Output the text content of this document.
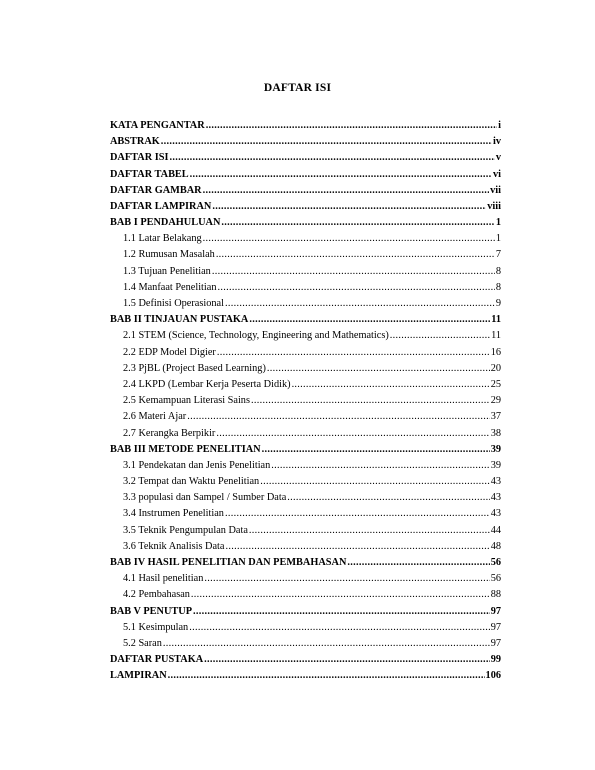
DAFTAR ISI
KATA PENGANTAR .....	i
ABSTRAK .....	iv
DAFTAR ISI .....	v
DAFTAR TABEL .....	vi
DAFTAR GAMBAR .....	vii
DAFTAR LAMPIRAN .....	viii
BAB I PENDAHULUAN .....	1
1.1 Latar Belakang .....	1
1.2 Rumusan Masalah .....	7
1.3 Tujuan Penelitian .....	8
1.4 Manfaat Penelitian .....	8
1.5 Definisi Operasional .....	9
BAB II TINJAUAN PUSTAKA .....	11
2.1 STEM (Science, Technology, Engineering and Mathematics) .....	11
2.2 EDP Model Digier .....	16
2.3 PjBL (Project Based Learning) .....	20
2.4 LKPD (Lembar Kerja Peserta Didik) .....	25
2.5 Kemampuan Literasi Sains .....	29
2.6 Materi Ajar .....	37
2.7 Kerangka Berpikir .....	38
BAB III METODE PENELITIAN .....	39
3.1 Pendekatan dan Jenis Penelitian .....	39
3.2 Tempat dan Waktu Penelitian .....	43
3.3 populasi dan Sampel / Sumber Data .....	43
3.4 Instrumen Penelitian .....	43
3.5 Teknik Pengumpulan Data .....	44
3.6 Teknik Analisis Data .....	48
BAB IV HASIL PENELITIAN DAN PEMBAHASAN .....	56
4.1 Hasil penelitian .....	56
4.2 Pembahasan .....	88
BAB V PENUTUP .....	97
5.1 Kesimpulan .....	97
5.2 Saran .....	97
DAFTAR PUSTAKA .....	99
LAMPIRAN .....	106
